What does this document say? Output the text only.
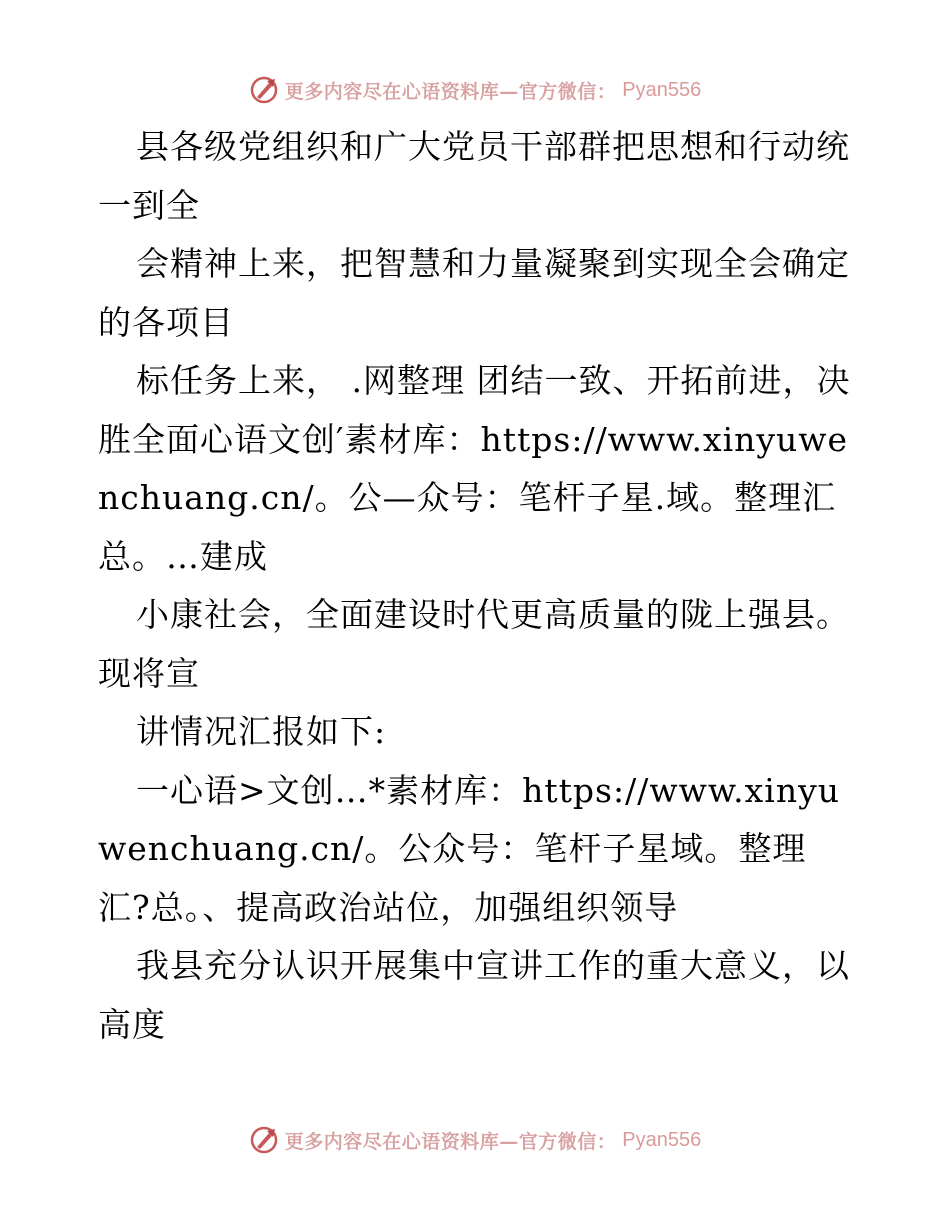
更多内容尽在心语资料库—官方微信： Pyan556

县各级党组织和广大党员干部群把思想和行动统一到全

会精神上来，把智慧和力量凝聚到实现全会确定的各项目

标任务上来， .网整理 团结一致、开拓前进，决胜全面心语文创′素材库：https://www.xinyuwenchuang.cn/。公—众号：笔杆子星.域。整理汇总。…建成

小康社会，全面建设时代更高质量的陇上强县。现将宣

讲情况汇报如下:

一心语>文创…*素材库：https://www.xinyuwenchuang.cn/。公众号：笔杆子星域。整理汇?总。、提高政治站位，加强组织领导

我县充分认识开展集中宣讲工作的重大意义，以高度

更多内容尽在心语资料库—官方微信： Pyan556
